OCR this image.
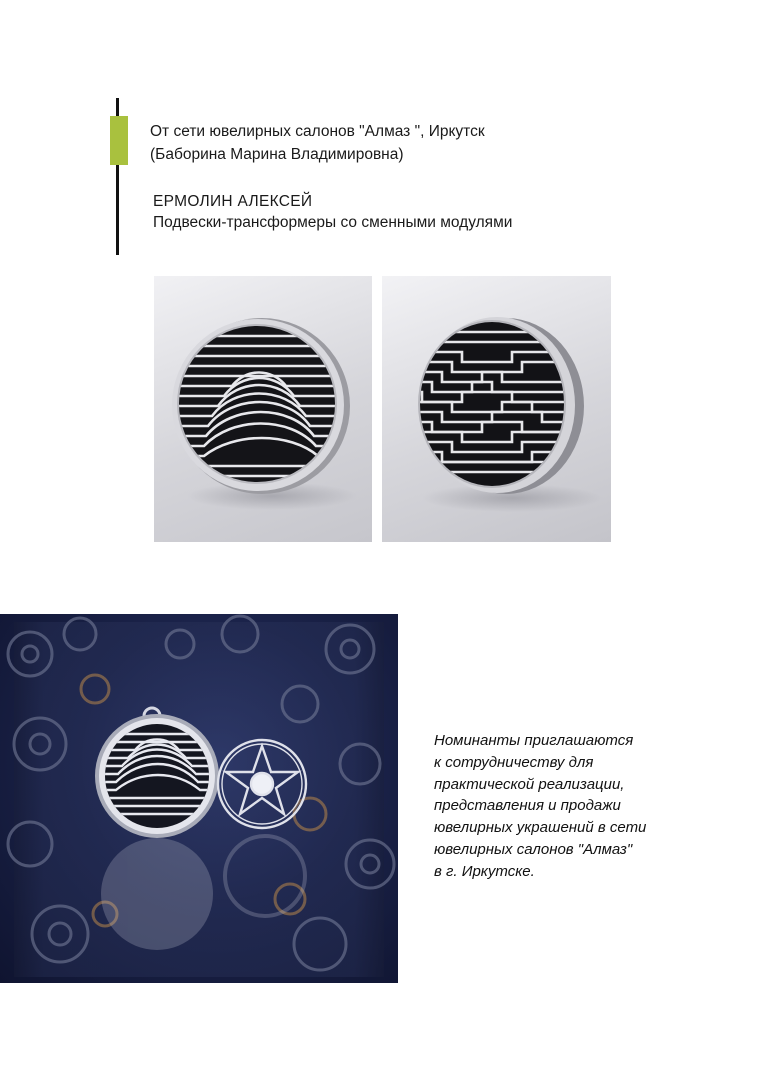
От сети ювелирных салонов "Алмаз ", Иркутск
(Баборина Марина Владимировна)
ЕРМОЛИН АЛЕКСЕЙ
Подвески-трансформеры со сменными модулями
Номинанты приглашаются
к сотрудничеству для
практической реализации,
представления и продажи
ювелирных украшений в сети
ювелирных салонов "Алмаз"
в г. Иркутске.
